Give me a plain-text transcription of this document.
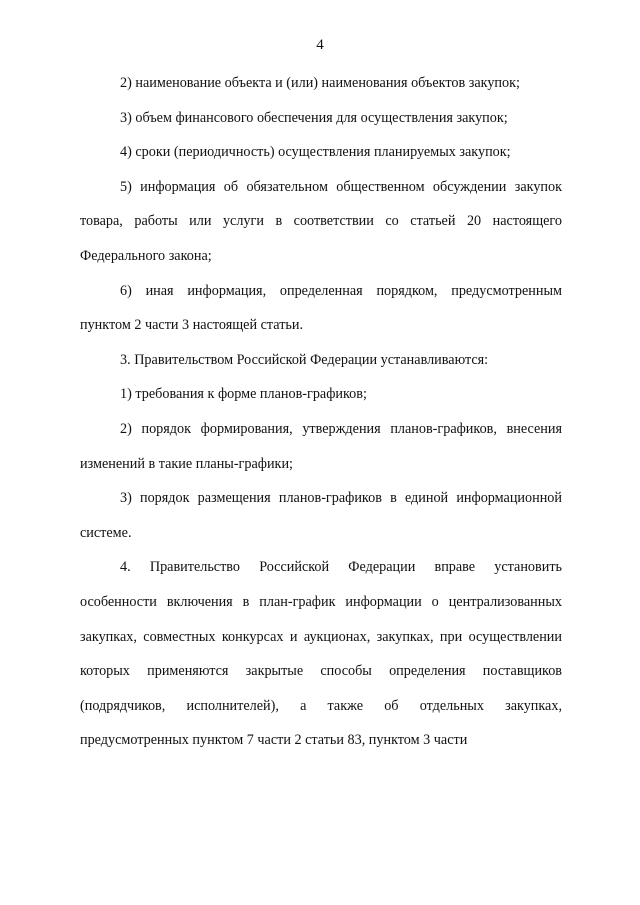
4

2) наименование объекта и (или) наименования объектов закупок;

3) объем финансового обеспечения для осуществления закупок;

4) сроки (периодичность) осуществления планируемых закупок;

5) информация об обязательном общественном обсуждении закупок товара, работы или услуги в соответствии со статьей 20 настоящего Федерального закона;

6) иная информация, определенная порядком, предусмотренным пунктом 2 части 3 настоящей статьи.

3. Правительством Российской Федерации устанавливаются:

1) требования к форме планов-графиков;

2) порядок формирования, утверждения планов-графиков, внесения изменений в такие планы-графики;

3) порядок размещения планов-графиков в единой информационной системе.

4. Правительство Российской Федерации вправе установить особенности включения в план-график информации о централизованных закупках, совместных конкурсах и аукционах, закупках, при осуществлении которых применяются закрытые способы определения поставщиков (подрядчиков, исполнителей), а также об отдельных закупках, предусмотренных пунктом 7 части 2 статьи 83, пунктом 3 части
